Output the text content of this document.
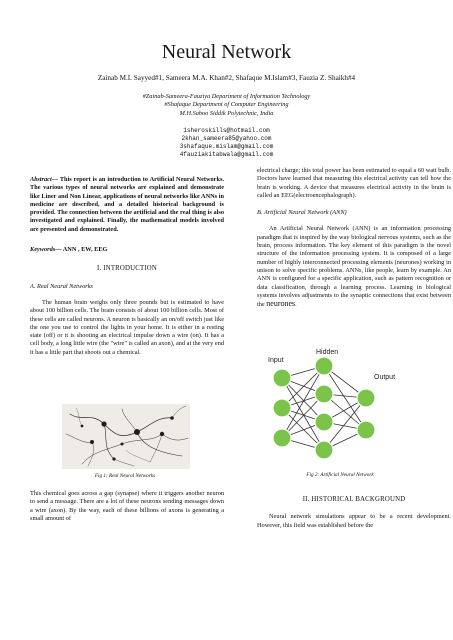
Neural Network
Zainab M.I. Sayyed#1, Sameera M.A. Khan#2, Shafaque M.Islam#3, Fauzia Z. Shaikh#4
#Zainab-Sameera-Fauziya Department of Information Technology
#Shafaque Department of Computer Engineering
M.H.Saboo Siddik Polytechnic, India
1sheroskills@hotmail.com
2khan_sameera85@yahoo.com
3shafaque.mislam@gmail.com
4fauziakitabwala@gmail.com

Abstract— This report is an introduction to Artificial Neural Networks. The various types of neural networks are explained and demonstrate like Liner and Non Linear, applications of neural networks like ANNs in medicine are described, and a detailed historical background is provided. The connection between the artificial and the real thing is also investigated and explained. Finally, the mathematical models involved are presented and demonstrated.

Keywords— ANN , EW, EEG

I. INTRODUCTION
A. Real Neural Networks

The human brain weighs only three pounds but is estimated to have about 100 billion cells. The brain consists of about 100 billion cells. Most of these cells are called neurons. A neuron is basically an on/off switch just like the one you use to control the lights in your home. It is either in a resting state (off) or it is shooting an electrical impulse down a wire (on). It has a cell body, a long little wire (the "wire" is called an axon), and at the very end it has a little part that shoots out a chemical.

Fig 1: Real Neural Networks

This chemical goes across a gap (synapse) where it triggers another neuron to send a message. There are a lot of these neurons sending messages down a wire (axon). By the way, each of these billions of axons is generating a small amount of

electrical charge; this total power has been estimated to equal a 60 watt bulb. Doctors have learned that measuring this electrical activity can tell how the brain is working. A device that measures electrical activity in the brain is called an EEG(electroencephalograph).

B. Artificial Neural Network (ANN)

An Artificial Neural Network (ANN) is an information processing paradigm that is inspired by the way biological nervous systems, such as the brain, process information. The key element of this paradigm is the novel structure of the information processing system. It is composed of a large number of highly interconnected processing elements (neurones) working in unison to solve specific problems. ANNs, like people, learn by example. An ANN is configured for a specific application, such as pattern recognition or data classification, through a learning process. Learning in biological systems involves adjustments to the synaptic connections that exist between the neurones.

Input
Hidden
Output
Fig 2: Artificial Neural Network
II. HISTORICAL BACKGROUND

Neural network simulations appear to be a recent development. However, this field was established before the
